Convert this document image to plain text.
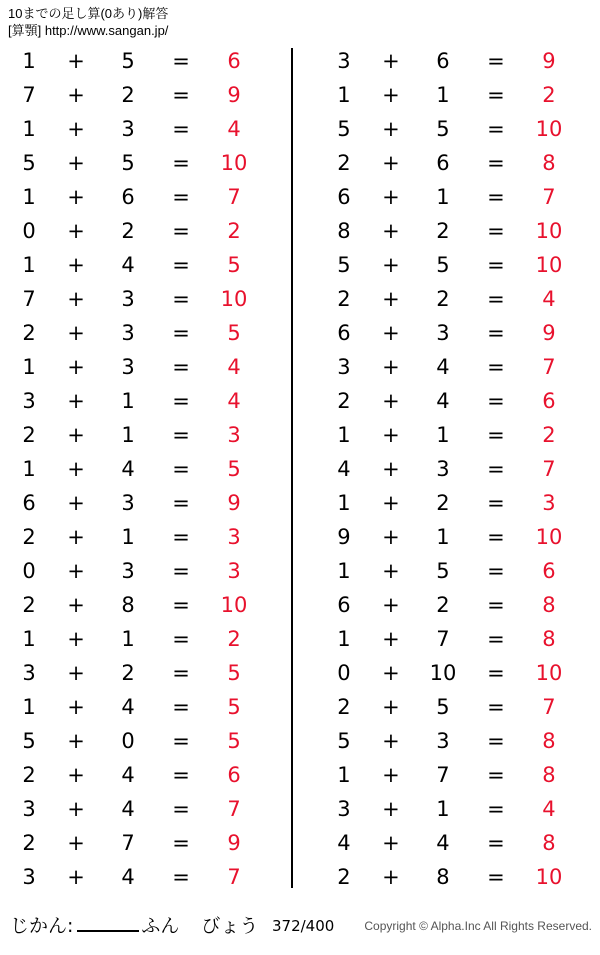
10までの足し算(0あり)解答
[算顎] http://www.sangan.jp/
1	+	5	=	6
7	+	2	=	9
1	+	3	=	4
5	+	5	=	10
1	+	6	=	7
0	+	2	=	2
1	+	4	=	5
7	+	3	=	10
2	+	3	=	5
1	+	3	=	4
3	+	1	=	4
2	+	1	=	3
1	+	4	=	5
6	+	3	=	9
2	+	1	=	3
0	+	3	=	3
2	+	8	=	10
1	+	1	=	2
3	+	2	=	5
1	+	4	=	5
5	+	0	=	5
2	+	4	=	6
3	+	4	=	7
2	+	7	=	9
3	+	4	=	7
3	+	6	=	9
1	+	1	=	2
5	+	5	=	10
2	+	6	=	8
6	+	1	=	7
8	+	2	=	10
5	+	5	=	10
2	+	2	=	4
6	+	3	=	9
3	+	4	=	7
2	+	4	=	6
1	+	1	=	2
4	+	3	=	7
1	+	2	=	3
9	+	1	=	10
1	+	5	=	6
6	+	2	=	8
1	+	7	=	8
0	+	10	=	10
2	+	5	=	7
5	+	3	=	8
1	+	7	=	8
3	+	1	=	4
4	+	4	=	8
2	+	8	=	10
じかん:	ふん びょう 372/400	Copyright © Alpha.Inc All Rights Reserved.
